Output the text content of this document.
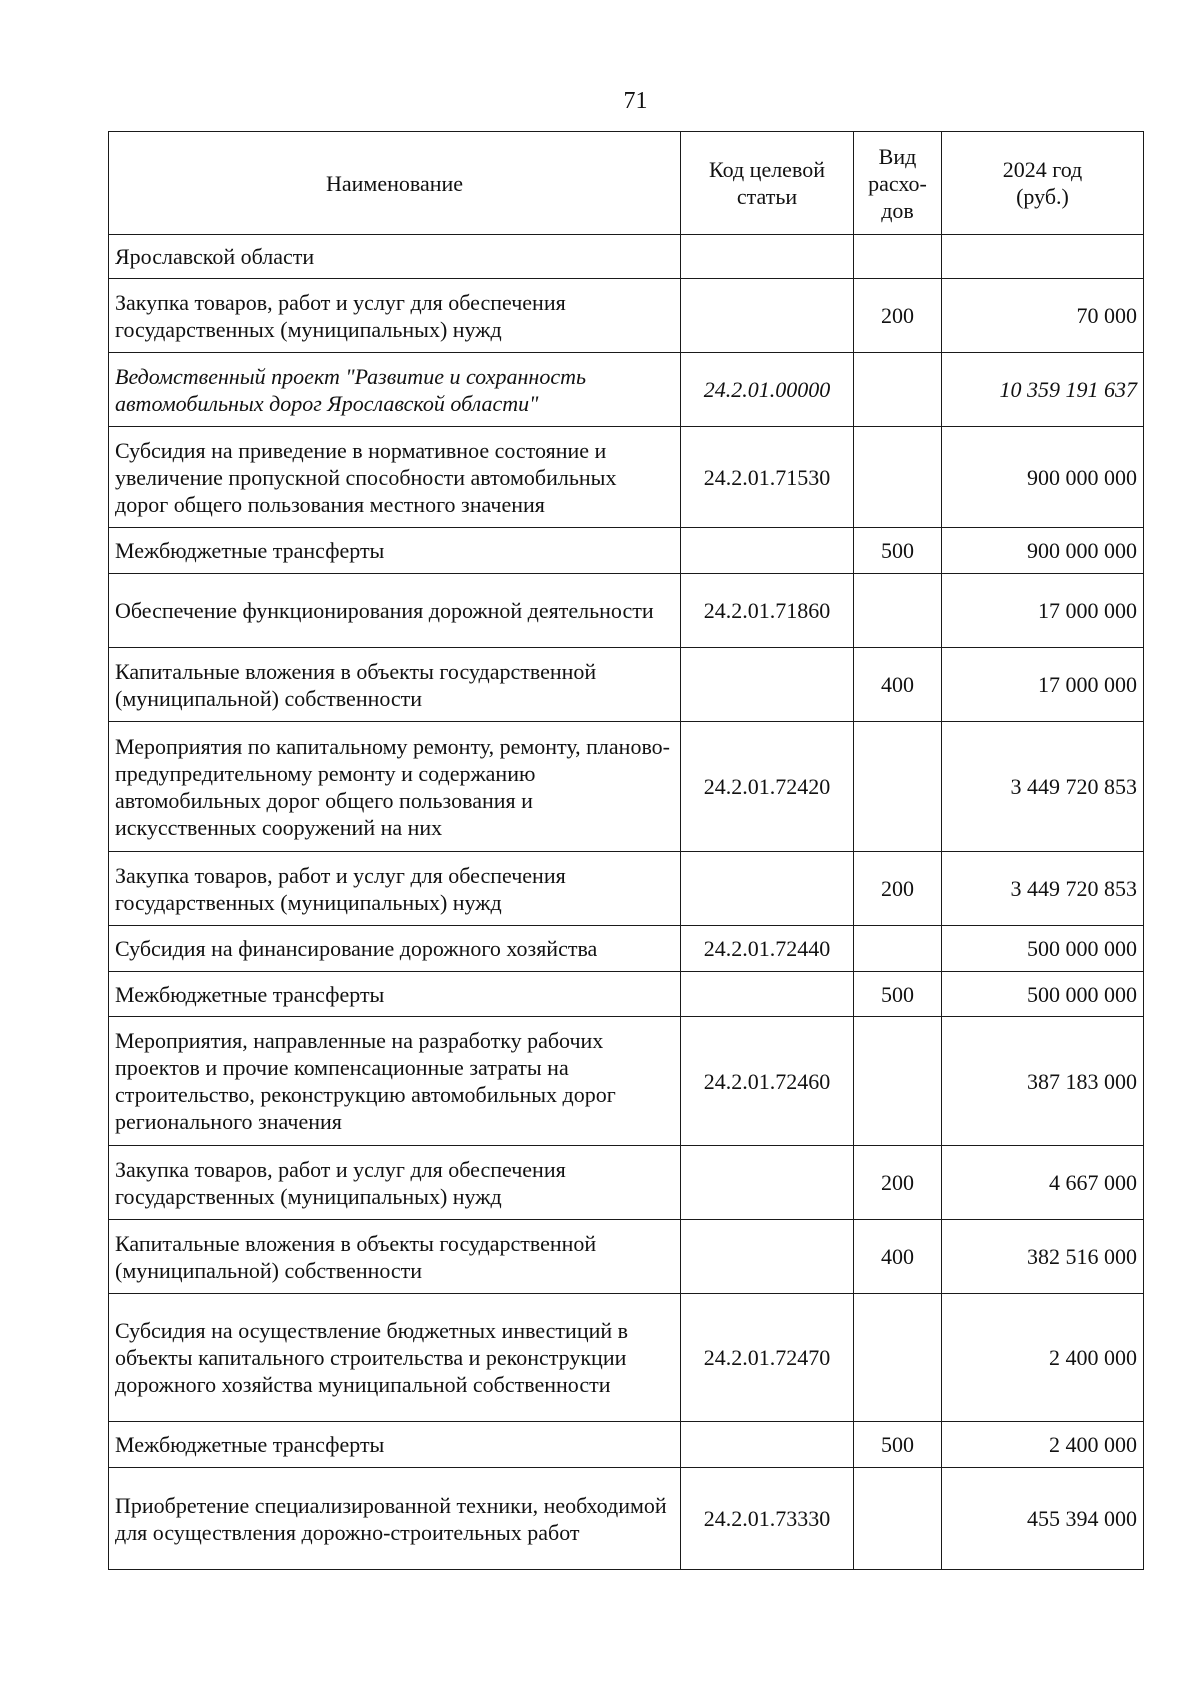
71
Наименование	Код целевой статьи	Вид расхо-дов	2024 год (руб.)
Ярославской области			
Закупка товаров, работ и услуг для обеспечения государственных (муниципальных) нужд		200	70 000
Ведомственный проект "Развитие и сохранность автомобильных дорог Ярославской области"	24.2.01.00000		10 359 191 637
Субсидия на приведение в нормативное состояние и увеличение пропускной способности автомобильных дорог общего пользования местного значения	24.2.01.71530		900 000 000
Межбюджетные трансферты		500	900 000 000
Обеспечение функционирования дорожной деятельности	24.2.01.71860		17 000 000
Капитальные вложения в объекты государственной (муниципальной) собственности		400	17 000 000
Мероприятия по капитальному ремонту, ремонту, планово-предупредительному ремонту и содержанию автомобильных дорог общего пользования и искусственных сооружений на них	24.2.01.72420		3 449 720 853
Закупка товаров, работ и услуг для обеспечения государственных (муниципальных) нужд		200	3 449 720 853
Субсидия на финансирование дорожного хозяйства	24.2.01.72440		500 000 000
Межбюджетные трансферты		500	500 000 000
Мероприятия, направленные на разработку рабочих проектов и прочие компенсационные затраты на строительство, реконструкцию автомобильных дорог регионального значения	24.2.01.72460		387 183 000
Закупка товаров, работ и услуг для обеспечения государственных (муниципальных) нужд		200	4 667 000
Капитальные вложения в объекты государственной (муниципальной) собственности		400	382 516 000
Субсидия на осуществление бюджетных инвестиций в объекты капитального строительства и реконструкции дорожного хозяйства муниципальной собственности	24.2.01.72470		2 400 000
Межбюджетные трансферты		500	2 400 000
Приобретение специализированной техники, необходимой для осуществления дорожно-строительных работ	24.2.01.73330		455 394 000
